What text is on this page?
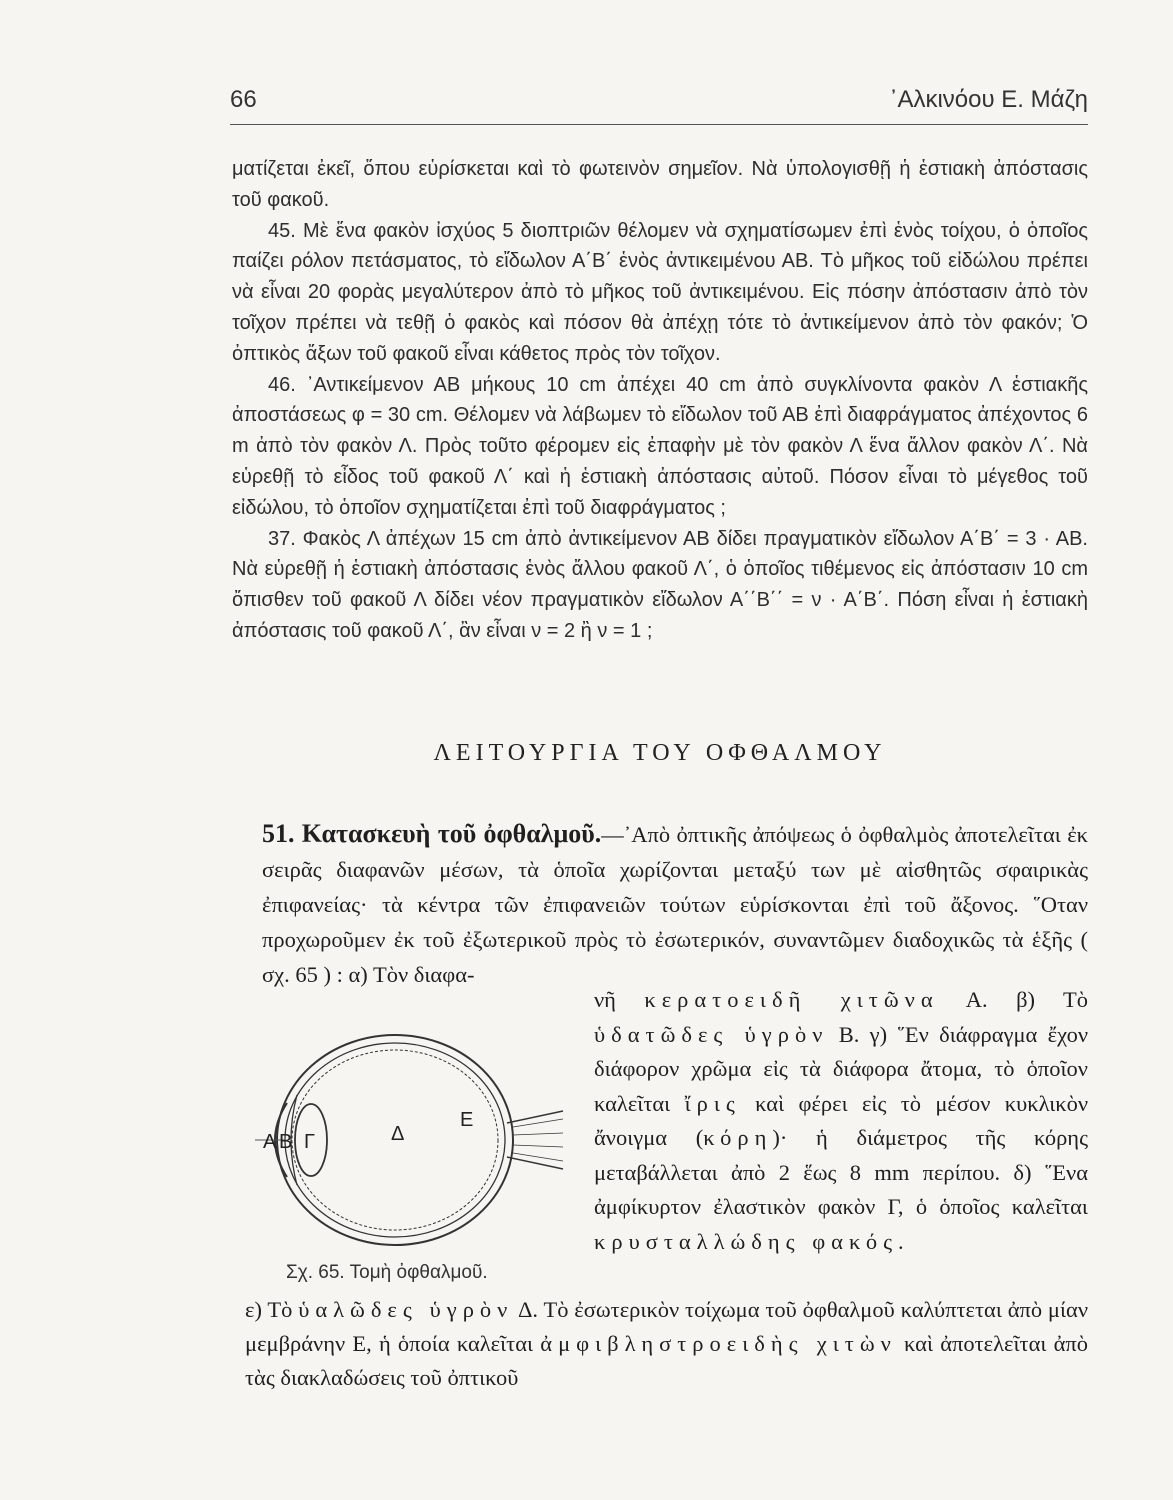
66	᾽Αλκινόου Ε. Μάζη

ματίζεται ἐκεῖ, ὅπου εὑρίσκεται καὶ τὸ φωτεινὸν σημεῖον. Νὰ ὑπολογισθῇ ἡ ἑστιακὴ ἀπόστασις τοῦ φακοῦ.

45. Μὲ ἕνα φακὸν ἰσχύος 5 διοπτριῶν θέλομεν νὰ σχηματίσωμεν ἐπὶ ἑνὸς τοίχου, ὁ ὁποῖος παίζει ρόλον πετάσματος, τὸ εἴδωλον Α΄Β΄ ἑνὸς ἀντικειμένου ΑΒ. Τὸ μῆκος τοῦ εἰδώλου πρέπει νὰ εἶναι 20 φορὰς μεγαλύτερον ἀπὸ τὸ μῆκος τοῦ ἀντικειμένου. Εἰς πόσην ἀπόστασιν ἀπὸ τὸν τοῖχον πρέπει νὰ τεθῇ ὁ φακὸς καὶ πόσον θὰ ἀπέχῃ τότε τὸ ἀντικείμενον ἀπὸ τὸν φακόν; Ὁ ὀπτικὸς ἄξων τοῦ φακοῦ εἶναι κάθετος πρὸς τὸν τοῖχον.

46. ᾽Αντικείμενον ΑΒ μήκους 10 cm ἀπέχει 40 cm ἀπὸ συγκλίνοντα φακὸν Λ ἑστιακῆς ἀποστάσεως φ = 30 cm. Θέλομεν νὰ λάβωμεν τὸ εἴδωλον τοῦ ΑΒ ἐπὶ διαφράγματος ἀπέχοντος 6 m ἀπὸ τὸν φακὸν Λ. Πρὸς τοῦτο φέρομεν εἰς ἐπαφὴν μὲ τὸν φακὸν Λ ἕνα ἄλλον φακὸν Λ΄. Νὰ εὑρεθῇ τὸ εἶδος τοῦ φακοῦ Λ΄ καὶ ἡ ἑστιακὴ ἀπόστασις αὐτοῦ. Πόσον εἶναι τὸ μέγεθος τοῦ εἰδώλου, τὸ ὁποῖον σχηματίζεται ἐπὶ τοῦ διαφράγματος ;

37. Φακὸς Λ ἀπέχων 15 cm ἀπὸ ἀντικείμενον ΑΒ δίδει πραγματικὸν εἴδωλον Α΄Β΄ = 3 · ΑΒ. Νὰ εὑρεθῇ ἡ ἑστιακὴ ἀπόστασις ἑνὸς ἄλλου φακοῦ Λ΄, ὁ ὁποῖος τιθέμενος εἰς ἀπόστασιν 10 cm ὄπισθεν τοῦ φακοῦ Λ δίδει νέον πραγματικὸν εἴδωλον Α΄΄Β΄΄ = ν · Α΄Β΄. Πόση εἶναι ἡ ἑστιακὴ ἀπόστασις τοῦ φακοῦ Λ΄, ἂν εἶναι ν = 2 ἢ ν = 1 ;

ΛΕΙΤΟΥΡΓΙΑ ΤΟΥ ΟΦΘΑΛΜΟΥ

51. Κατασκευὴ τοῦ ὀφθαλμοῦ.—᾽Απὸ ὀπτικῆς ἀπόψεως ὁ ὀφθαλμὸς ἀποτελεῖται ἐκ σειρᾶς διαφανῶν μέσων, τὰ ὁποῖα χωρίζονται μεταξύ των μὲ αἰσθητῶς σφαιρικὰς ἐπιφανείας· τὰ κέντρα τῶν ἐπιφανειῶν τούτων εὑρίσκονται ἐπὶ τοῦ ἄξονος. ῞Οταν προχωροῦμεν ἐκ τοῦ ἐξωτερικοῦ πρὸς τὸ ἐσωτερικόν, συναντῶμεν διαδοχικῶς τὰ ἑξῆς ( σχ. 65 ) : α) Τὸν διαφα-

νῆ κερατοειδῆ χιτῶνα Α. β) Τὸ ὑδατῶδες ὑγρὸν Β. γ) ῞Εν διάφραγμα ἔχον διάφορον χρῶμα εἰς τὰ διάφορα ἄτομα, τὸ ὁποῖον καλεῖται ἴρις καὶ φέρει εἰς τὸ μέσον κυκλικὸν ἄνοιγμα (κόρη)· ἡ διάμετρος τῆς κόρης μεταβάλλεται ἀπὸ 2 ἕως 8 mm περίπου. δ) ῞Ενα ἀμφίκυρτον ἐλαστικὸν φακὸν Γ, ὁ ὁποῖος καλεῖται κρυσταλλώδης φακός.

Α Β Γ	Δ
Ε
Σχ. 65. Τομὴ ὀφθαλμοῦ.

ε) Τὸ ὑαλῶδες ὑγρὸν Δ. Τὸ ἐσωτερικὸν τοίχωμα τοῦ ὀφθαλμοῦ καλύπτεται ἀπὸ μίαν μεμβράνην Ε, ἡ ὁποία καλεῖται ἀμφιβληστροειδὴς χιτὼν καὶ ἀποτελεῖται ἀπὸ τὰς διακλαδώσεις τοῦ ὀπτικοῦ
